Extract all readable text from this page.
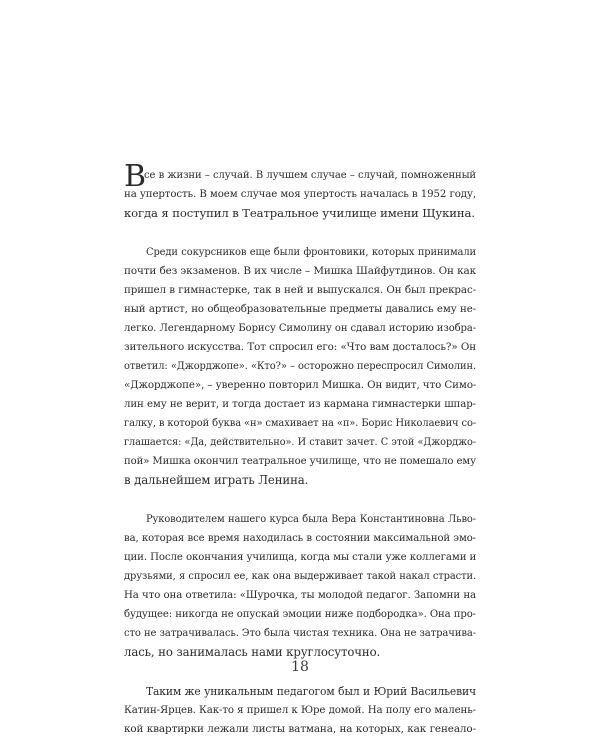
В
се в жизни – случай. В лучшем случае – случай, помноженный
на упертость. В моем случае моя упертость началась в 1952 году,
когда я поступил в Театральное училище имени Щукина.
Среди сокурсников еще были фронтовики, которых принимали
почти без экзаменов. В их числе – Мишка Шайфутдинов. Он как
пришел в гимнастерке, так в ней и выпускался. Он был прекрас-
ный артист, но общеобразовательные предметы давались ему не-
легко. Легендарному Борису Симолину он сдавал историю изобра-
зительного искусства. Тот спросил его: «Что вам досталось?» Он
ответил: «Джорджопе». «Кто?» – осторожно переспросил Симолин.
«Джорджопе», – уверенно повторил Мишка. Он видит, что Симо-
лин ему не верит, и тогда достает из кармана гимнастерки шпар-
галку, в которой буква «н» смахивает на «п». Борис Николаевич со-
глашается: «Да, действительно». И ставит зачет. С этой «Джорджо-
пой» Мишка окончил театральное училище, что не помешало ему
в дальнейшем играть Ленина.
Руководителем нашего курса была Вера Константиновна Льво-
ва, которая все время находилась в состоянии максимальной эмо-
ции. После окончания училища, когда мы стали уже коллегами и
друзьями, я спросил ее, как она выдерживает такой накал страсти.
На что она ответила: «Шурочка, ты молодой педагог. Запомни на
будущее: никогда не опускай эмоции ниже подбородка». Она про-
сто не затрачивалась. Это была чистая техника. Она не затрачива-
лась, но занималась нами круглосуточно.
Таким же уникальным педагогом был и Юрий Васильевич
Катин-Ярцев. Как-то я пришел к Юре домой. На полу его малень-
кой квартирки лежали листы ватмана, на которых, как генеало-
18
